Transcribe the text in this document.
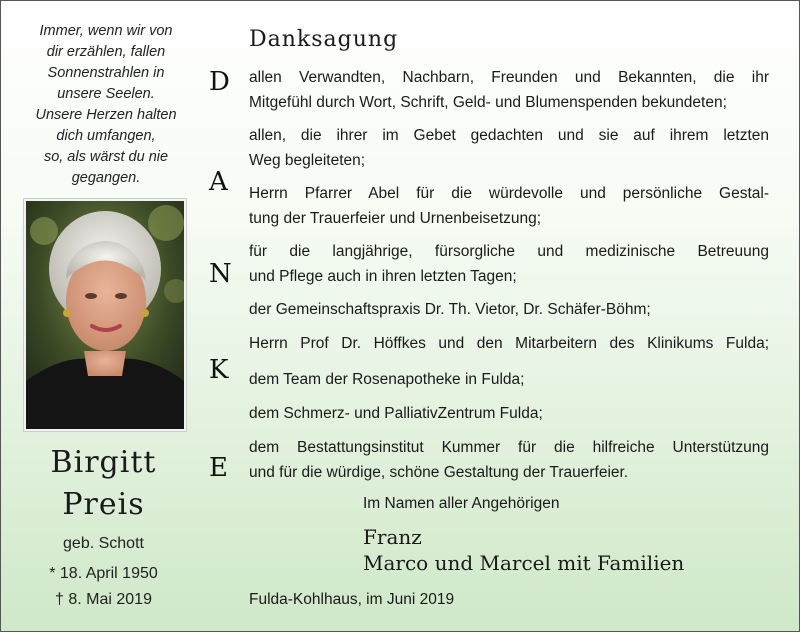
Immer, wenn wir von
dir erzählen, fallen
Sonnenstrahlen in
unsere Seelen.
Unsere Herzen halten
dich umfangen,
so, als wärst du nie
gegangen.
Birgitt
Preis
geb. Schott
* 18. April 1950
† 8. Mai 2019
Danksagung
D
A
N
K
E
allen Verwandten, Nachbarn, Freunden und Bekannten, die ihr
Mitgefühl durch Wort, Schrift, Geld- und Blumenspenden bekundeten;
allen, die ihrer im Gebet gedachten und sie auf ihrem letzten
Weg begleiteten;
Herrn Pfarrer Abel für die würdevolle und persönliche Gestal-
tung der Trauerfeier und Urnenbeisetzung;
für die langjährige, fürsorgliche und medizinische Betreuung
und Pflege auch in ihren letzten Tagen;
der Gemeinschaftspraxis Dr. Th. Vietor, Dr. Schäfer-Böhm;
Herrn Prof Dr. Höffkes und den Mitarbeitern des Klinikums Fulda;
dem Team der Rosenapotheke in Fulda;
dem Schmerz- und PalliativZentrum Fulda;
dem Bestattungsinstitut Kummer für die hilfreiche Unterstützung
und für die würdige, schöne Gestaltung der Trauerfeier.
Im Namen aller Angehörigen
Franz
Marco und Marcel mit Familien
Fulda-Kohlhaus, im Juni 2019
